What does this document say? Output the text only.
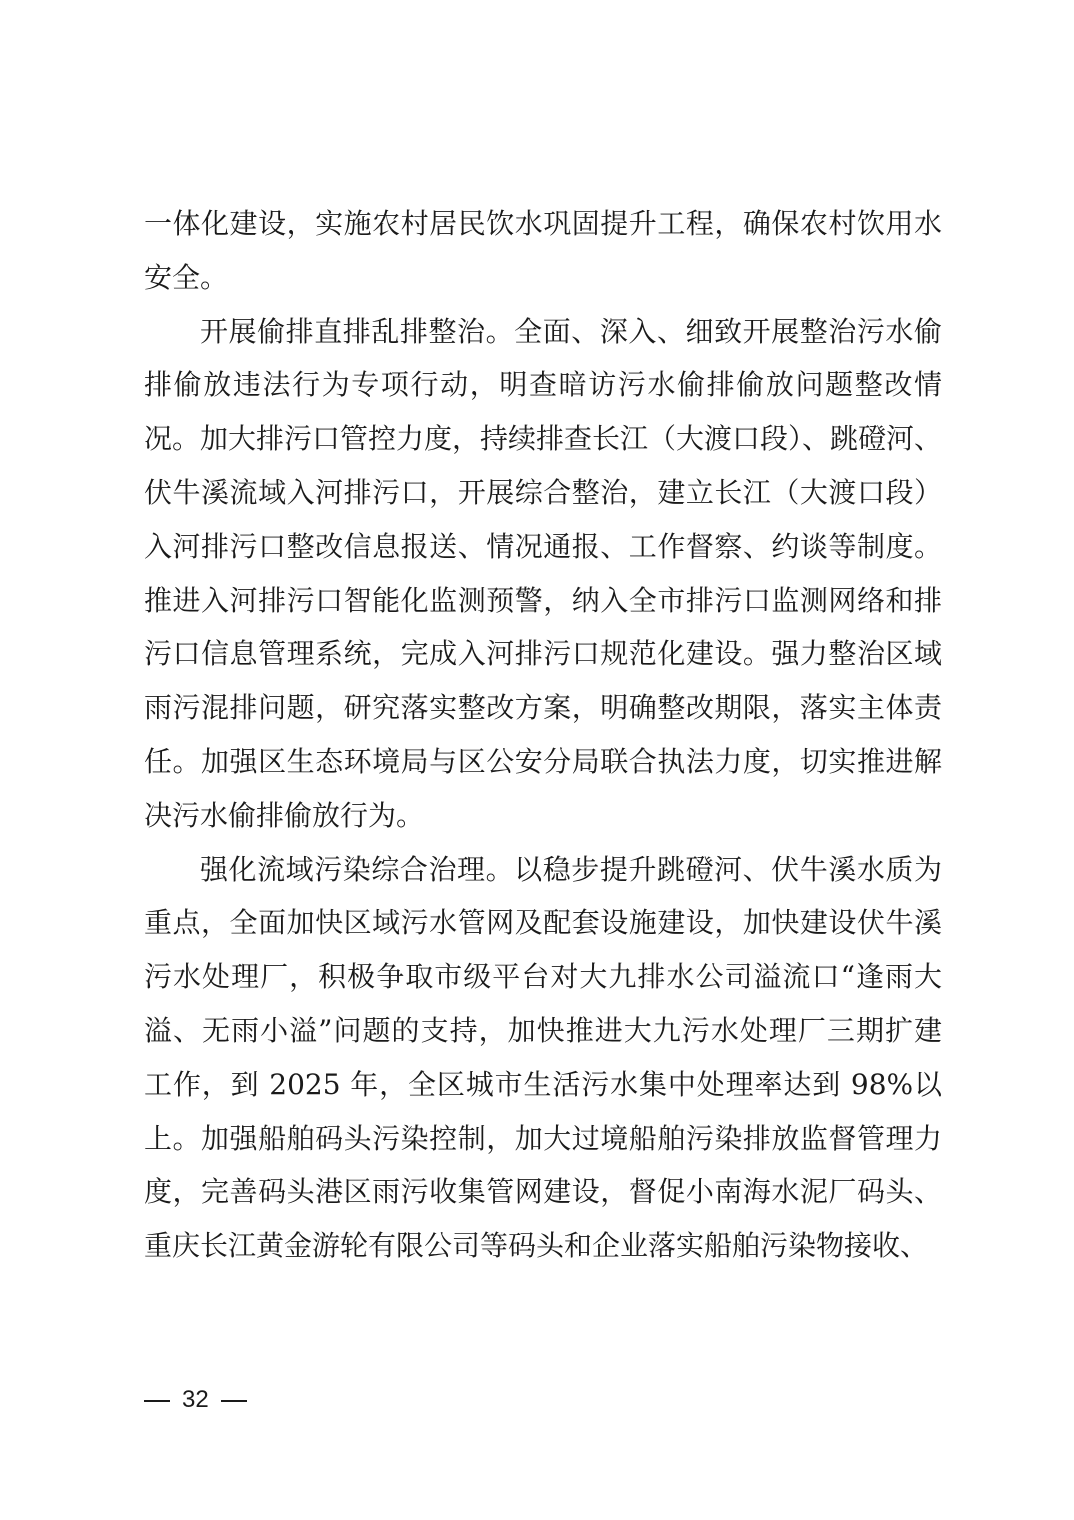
一体化建设，实施农村居民饮水巩固提升工程，确保农村饮用水安全。

开展偷排直排乱排整治。全面、深入、细致开展整治污水偷排偷放违法行为专项行动，明查暗访污水偷排偷放问题整改情况。加大排污口管控力度，持续排查长江（大渡口段）、跳磴河、伏牛溪流域入河排污口，开展综合整治，建立长江（大渡口段）入河排污口整改信息报送、情况通报、工作督察、约谈等制度。推进入河排污口智能化监测预警，纳入全市排污口监测网络和排污口信息管理系统，完成入河排污口规范化建设。强力整治区域雨污混排问题，研究落实整改方案，明确整改期限，落实主体责任。加强区生态环境局与区公安分局联合执法力度，切实推进解决污水偷排偷放行为。

强化流域污染综合治理。以稳步提升跳磴河、伏牛溪水质为重点，全面加快区域污水管网及配套设施建设，加快建设伏牛溪污水处理厂，积极争取市级平台对大九排水公司溢流口“逢雨大溢、无雨小溢”问题的支持，加快推进大九污水处理厂三期扩建工作，到 2025 年，全区城市生活污水集中处理率达到 98%以上。加强船舶码头污染控制，加大过境船舶污染排放监督管理力度，完善码头港区雨污收集管网建设，督促小南海水泥厂码头、重庆长江黄金游轮有限公司等码头和企业落实船舶污染物接收、

32
